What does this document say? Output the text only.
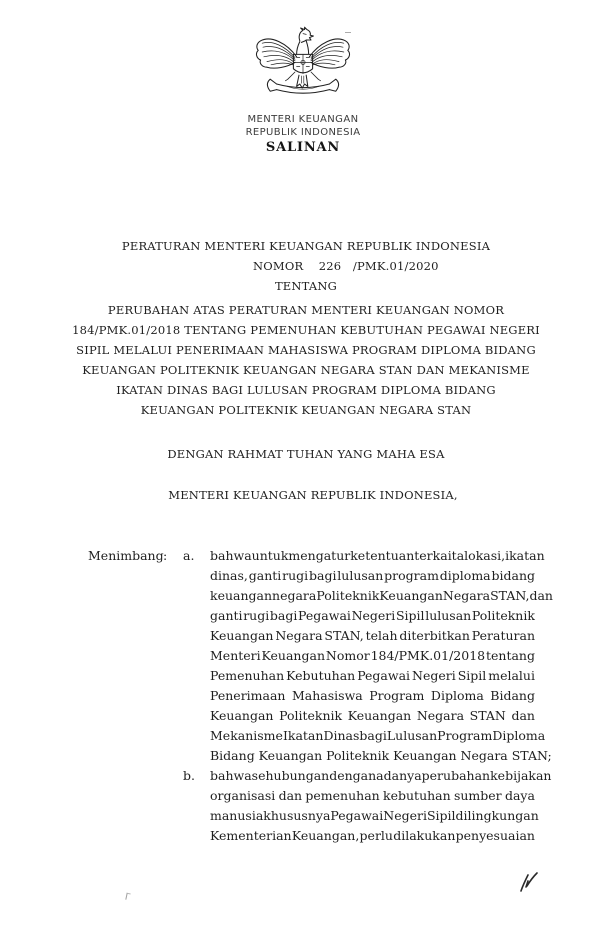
MENTERI KEUANGAN
REPUBLIK INDONESIA
SALINAN
PERATURAN MENTERI KEUANGAN REPUBLIK INDONESIA
NOMOR    226   /PMK.01/2020
TENTANG
PERUBAHAN ATAS PERATURAN MENTERI KEUANGAN NOMOR
184/PMK.01/2018 TENTANG PEMENUHAN KEBUTUHAN PEGAWAI NEGERI
SIPIL MELALUI PENERIMAAN MAHASISWA PROGRAM DIPLOMA BIDANG
KEUANGAN POLITEKNIK KEUANGAN NEGARA STAN DAN MEKANISME
IKATAN DINAS BAGI LULUSAN PROGRAM DIPLOMA BIDANG
KEUANGAN POLITEKNIK KEUANGAN NEGARA STAN
DENGAN RAHMAT TUHAN YANG MAHA ESA
MENTERI KEUANGAN REPUBLIK INDONESIA,
Menimbang :	a.	bahwa untuk mengatur ketentuan terkait alokasi, ikatan
dinas, ganti rugi bagi lulusan program diploma bidang
keuangan negara Politeknik Keuangan Negara STAN, dan
ganti rugi bagi Pegawai Negeri Sipil lulusan Politeknik
Keuangan Negara STAN, telah diterbitkan Peraturan
Menteri Keuangan Nomor 184/PMK.01/2018 tentang
Pemenuhan Kebutuhan Pegawai Negeri Sipil melalui
Penerimaan Mahasiswa Program Diploma Bidang
Keuangan Politeknik Keuangan Negara STAN dan
Mekanisme Ikatan Dinas bagi Lulusan Program Diploma
Bidang Keuangan Politeknik Keuangan Negara STAN;
b.	bahwa sehubungan dengan adanya perubahan kebijakan
organisasi dan pemenuhan kebutuhan sumber daya
manusia khususnya Pegawai Negeri Sipil di lingkungan
Kementerian Keuangan, perlu dilakukan penyesuaian
